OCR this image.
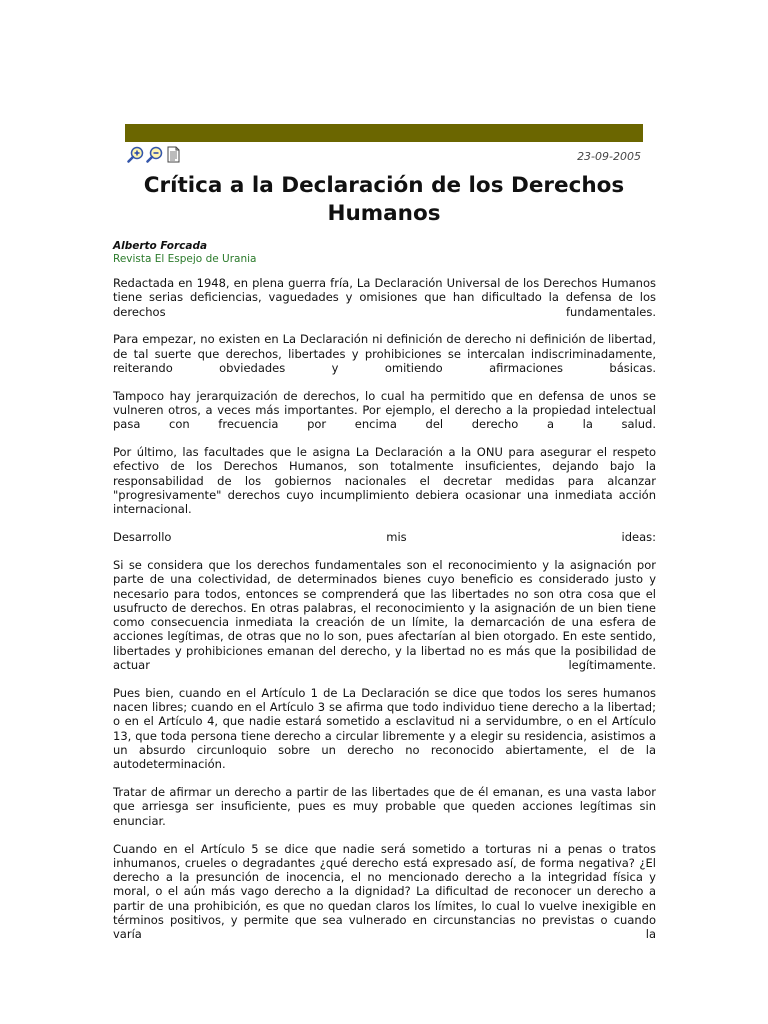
23-09-2005
Crítica a la Declaración de los Derechos Humanos
Alberto Forcada
Revista El Espejo de Urania

Redactada en 1948, en plena guerra fría, La Declaración Universal de los Derechos Humanos tiene serias deficiencias, vaguedades y omisiones que han dificultado la defensa de los derechos fundamentales.

Para empezar, no existen en La Declaración ni definición de derecho ni definición de libertad, de tal suerte que derechos, libertades y prohibiciones se intercalan indiscriminadamente, reiterando obviedades y omitiendo afirmaciones básicas.

Tampoco hay jerarquización de derechos, lo cual ha permitido que en defensa de unos se vulneren otros, a veces más importantes. Por ejemplo, el derecho a la propiedad intelectual pasa con frecuencia por encima del derecho a la salud.

Por último, las facultades que le asigna La Declaración a la ONU para asegurar el respeto efectivo de los Derechos Humanos, son totalmente insuficientes, dejando bajo la responsabilidad de los gobiernos nacionales el decretar medidas para alcanzar "progresivamente" derechos cuyo incumplimiento debiera ocasionar una inmediata acción internacional.

Desarrollo mis ideas:

Si se considera que los derechos fundamentales son el reconocimiento y la asignación por parte de una colectividad, de determinados bienes cuyo beneficio es considerado justo y necesario para todos, entonces se comprenderá que las libertades no son otra cosa que el usufructo de derechos. En otras palabras, el reconocimiento y la asignación de un bien tiene como consecuencia inmediata la creación de un límite, la demarcación de una esfera de acciones legítimas, de otras que no lo son, pues afectarían al bien otorgado. En este sentido, libertades y prohibiciones emanan del derecho, y la libertad no es más que la posibilidad de actuar legítimamente.

Pues bien, cuando en el Artículo 1 de La Declaración se dice que todos los seres humanos nacen libres; cuando en el Artículo 3 se afirma que todo individuo tiene derecho a la libertad; o en el Artículo 4, que nadie estará sometido a esclavitud ni a servidumbre, o en el Artículo 13, que toda persona tiene derecho a circular libremente y a elegir su residencia, asistimos a un absurdo circunloquio sobre un derecho no reconocido abiertamente, el de la autodeterminación.

Tratar de afirmar un derecho a partir de las libertades que de él emanan, es una vasta labor que arriesga ser insuficiente, pues es muy probable que queden acciones legítimas sin enunciar.

Cuando en el Artículo 5 se dice que nadie será sometido a torturas ni a penas o tratos inhumanos, crueles o degradantes ¿qué derecho está expresado así, de forma negativa? ¿El derecho a la presunción de inocencia, el no mencionado derecho a la integridad física y moral, o el aún más vago derecho a la dignidad? La dificultad de reconocer un derecho a partir de una prohibición, es que no quedan claros los límites, lo cual lo vuelve inexigible en términos positivos, y permite que sea vulnerado en circunstancias no previstas o cuando varía la
